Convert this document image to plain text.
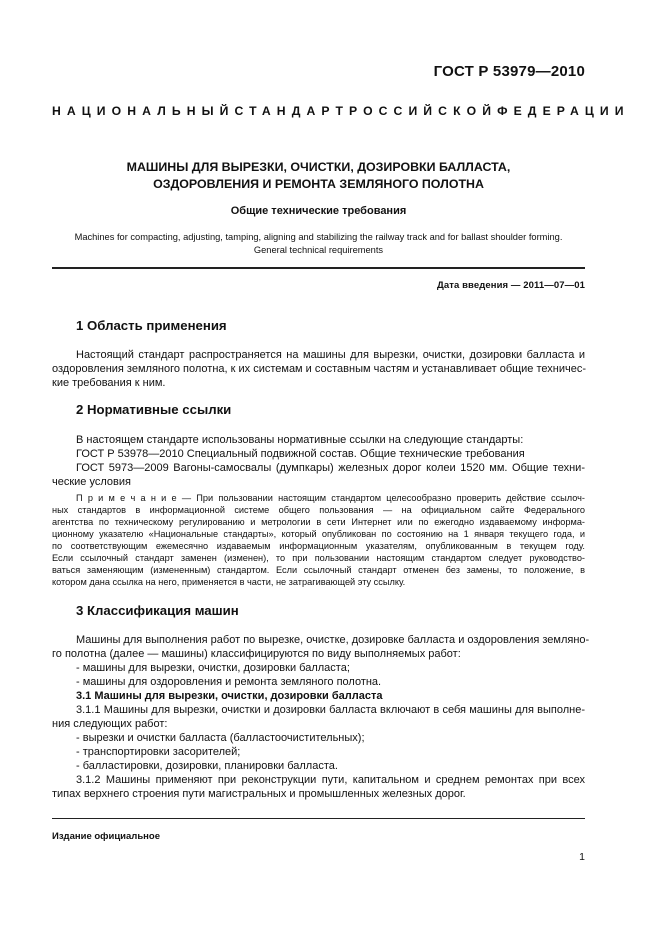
ГОСТ Р 53979—2010
НАЦИОНАЛЬНЫЙ СТАНДАРТ РОССИЙСКОЙ ФЕДЕРАЦИИ
МАШИНЫ ДЛЯ ВЫРЕЗКИ, ОЧИСТКИ, ДОЗИРОВКИ БАЛЛАСТА,
ОЗДОРОВЛЕНИЯ И РЕМОНТА ЗЕМЛЯНОГО ПОЛОТНА
Общие технические требования
Machines for compacting, adjusting, tamping, aligning and stabilizing the railway track and for ballast shoulder forming.
General technical requirements
Дата введения — 2011—07—01
1 Область применения
Настоящий стандарт распространяется на машины для вырезки, очистки, дозировки балласта и
оздоровления земляного полотна, к их системам и составным частям и устанавливает общие техничес-
кие требования к ним.
2 Нормативные ссылки
В настоящем стандарте использованы нормативные ссылки на следующие стандарты:
ГОСТ Р 53978—2010 Специальный подвижной состав. Общие технические требования
ГОСТ 5973—2009 Вагоны-самосвалы (думпкары) железных дорог колеи 1520 мм. Общие техни-
ческие условия
П р и м е ч а н и е — При пользовании настоящим стандартом целесообразно проверить действие ссылоч-
ных стандартов в информационной системе общего пользования — на официальном сайте Федерального
агентства по техническому регулированию и метрологии в сети Интернет или по ежегодно издаваемому информа-
ционному указателю «Национальные стандарты», который опубликован по состоянию на 1 января текущего года, и
по соответствующим ежемесячно издаваемым информационным указателям, опубликованным в текущем году.
Если ссылочный стандарт заменен (изменен), то при пользовании настоящим стандартом следует руководство-
ваться заменяющим (измененным) стандартом. Если ссылочный стандарт отменен без замены, то положение, в
котором дана ссылка на него, применяется в части, не затрагивающей эту ссылку.
3 Классификация машин
Машины для выполнения работ по вырезке, очистке, дозировке балласта и оздоровления земляно-
го полотна (далее — машины) классифицируются по виду выполняемых работ:
- машины для вырезки, очистки, дозировки балласта;
- машины для оздоровления и ремонта земляного полотна.
3.1 Машины для вырезки, очистки, дозировки балласта
3.1.1 Машины для вырезки, очистки и дозировки балласта включают в себя машины для выполне-
ния следующих работ:
- вырезки и очистки балласта (балластоочистительных);
- транспортировки засорителей;
- балластировки, дозировки, планировки балласта.
3.1.2 Машины применяют при реконструкции пути, капитальном и среднем ремонтах при всех
типах верхнего строения пути магистральных и промышленных железных дорог.
Издание официальное
1
